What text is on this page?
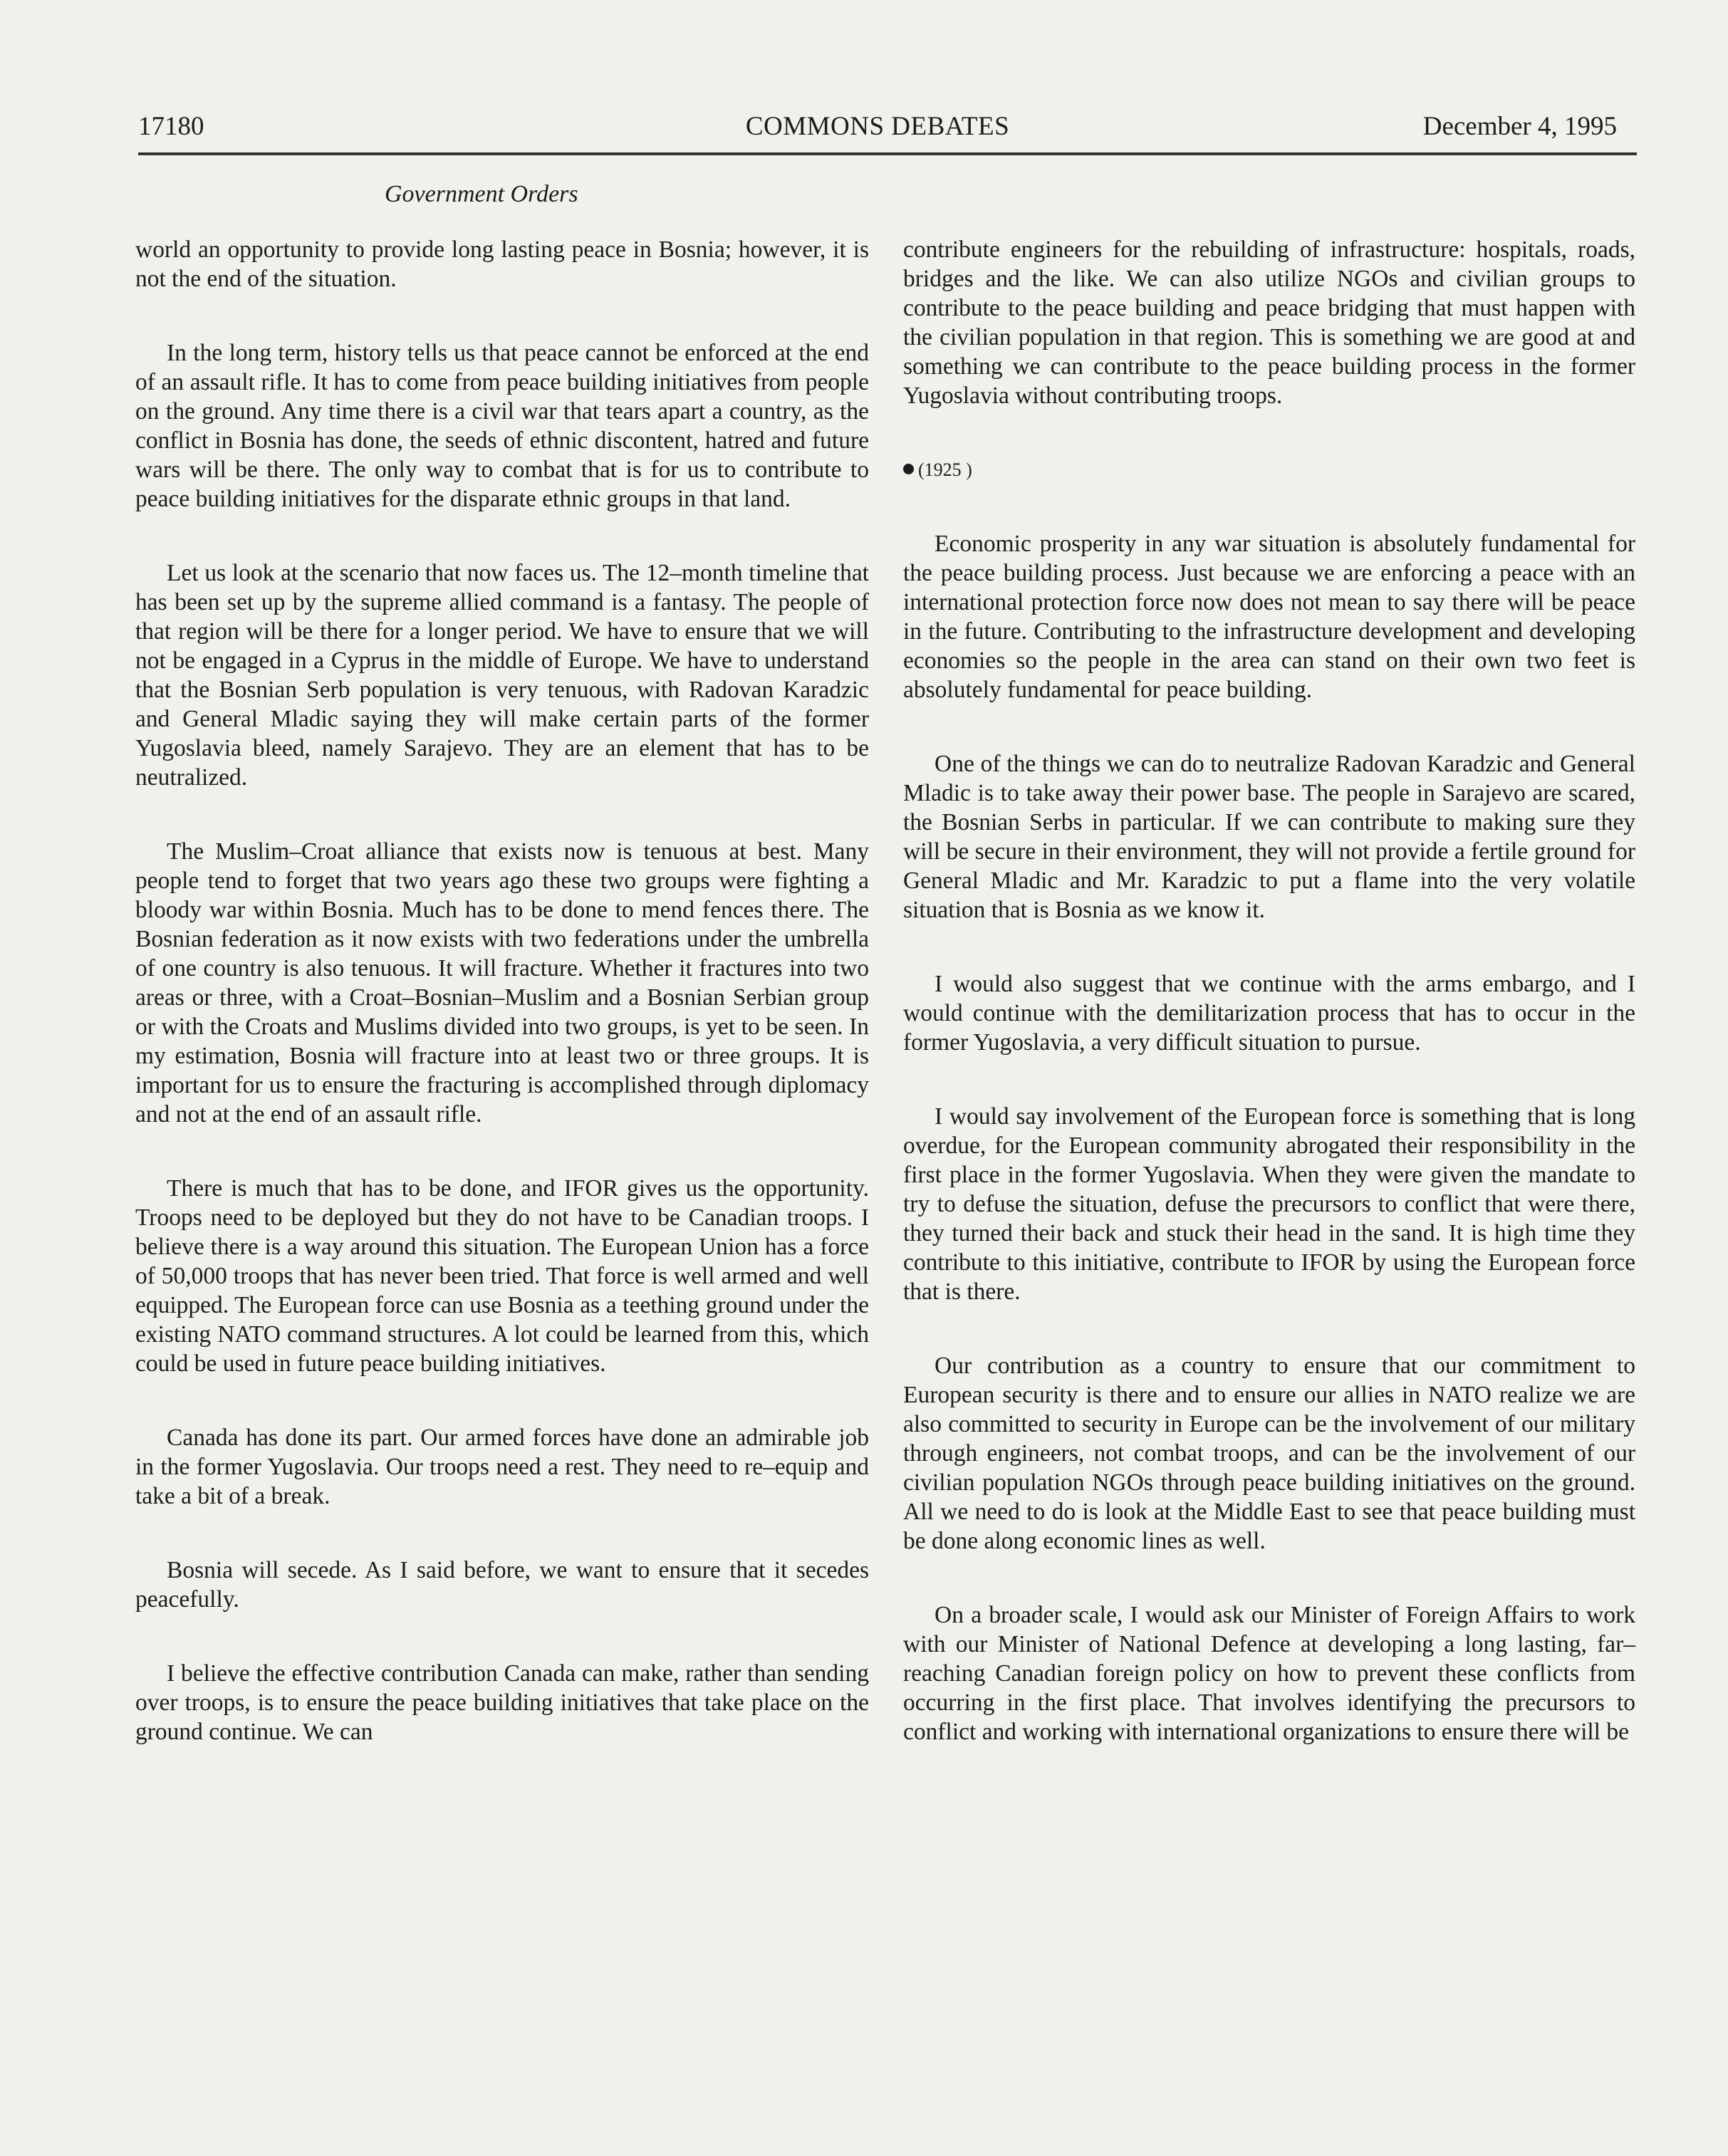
17180	COMMONS DEBATES	December 4, 1995
Government Orders

world an opportunity to provide long lasting peace in Bosnia; however, it is not the end of the situation.

In the long term, history tells us that peace cannot be enforced at the end of an assault rifle. It has to come from peace building initiatives from people on the ground. Any time there is a civil war that tears apart a country, as the conflict in Bosnia has done, the seeds of ethnic discontent, hatred and future wars will be there. The only way to combat that is for us to contribute to peace building initiatives for the disparate ethnic groups in that land.

Let us look at the scenario that now faces us. The 12–month timeline that has been set up by the supreme allied command is a fantasy. The people of that region will be there for a longer period. We have to ensure that we will not be engaged in a Cyprus in the middle of Europe. We have to understand that the Bosnian Serb population is very tenuous, with Radovan Karadzic and General Mladic saying they will make certain parts of the former Yugoslavia bleed, namely Sarajevo. They are an element that has to be neutralized.

The Muslim–Croat alliance that exists now is tenuous at best. Many people tend to forget that two years ago these two groups were fighting a bloody war within Bosnia. Much has to be done to mend fences there. The Bosnian federation as it now exists with two federations under the umbrella of one country is also tenuous. It will fracture. Whether it fractures into two areas or three, with a Croat–Bosnian–Muslim and a Bosnian Serbian group or with the Croats and Muslims divided into two groups, is yet to be seen. In my estimation, Bosnia will fracture into at least two or three groups. It is important for us to ensure the fracturing is accomplished through diplomacy and not at the end of an assault rifle.

There is much that has to be done, and IFOR gives us the opportunity. Troops need to be deployed but they do not have to be Canadian troops. I believe there is a way around this situation. The European Union has a force of 50,000 troops that has never been tried. That force is well armed and well equipped. The European force can use Bosnia as a teething ground under the existing NATO command structures. A lot could be learned from this, which could be used in future peace building initiatives.

Canada has done its part. Our armed forces have done an admirable job in the former Yugoslavia. Our troops need a rest. They need to re–equip and take a bit of a break.

Bosnia will secede. As I said before, we want to ensure that it secedes peacefully.

I believe the effective contribution Canada can make, rather than sending over troops, is to ensure the peace building initiatives that take place on the ground continue. We can

contribute engineers for the rebuilding of infrastructure: hospitals, roads, bridges and the like. We can also utilize NGOs and civilian groups to contribute to the peace building and peace bridging that must happen with the civilian population in that region. This is something we are good at and something we can contribute to the peace building process in the former Yugoslavia without contributing troops.

(1925 )

Economic prosperity in any war situation is absolutely fundamental for the peace building process. Just because we are enforcing a peace with an international protection force now does not mean to say there will be peace in the future. Contributing to the infrastructure development and developing economies so the people in the area can stand on their own two feet is absolutely fundamental for peace building.

One of the things we can do to neutralize Radovan Karadzic and General Mladic is to take away their power base. The people in Sarajevo are scared, the Bosnian Serbs in particular. If we can contribute to making sure they will be secure in their environment, they will not provide a fertile ground for General Mladic and Mr. Karadzic to put a flame into the very volatile situation that is Bosnia as we know it.

I would also suggest that we continue with the arms embargo, and I would continue with the demilitarization process that has to occur in the former Yugoslavia, a very difficult situation to pursue.

I would say involvement of the European force is something that is long overdue, for the European community abrogated their responsibility in the first place in the former Yugoslavia. When they were given the mandate to try to defuse the situation, defuse the precursors to conflict that were there, they turned their back and stuck their head in the sand. It is high time they contribute to this initiative, contribute to IFOR by using the European force that is there.

Our contribution as a country to ensure that our commitment to European security is there and to ensure our allies in NATO realize we are also committed to security in Europe can be the involvement of our military through engineers, not combat troops, and can be the involvement of our civilian population NGOs through peace building initiatives on the ground. All we need to do is look at the Middle East to see that peace building must be done along economic lines as well.

On a broader scale, I would ask our Minister of Foreign Affairs to work with our Minister of National Defence at developing a long lasting, far–reaching Canadian foreign policy on how to prevent these conflicts from occurring in the first place. That involves identifying the precursors to conflict and working with international organizations to ensure there will be
